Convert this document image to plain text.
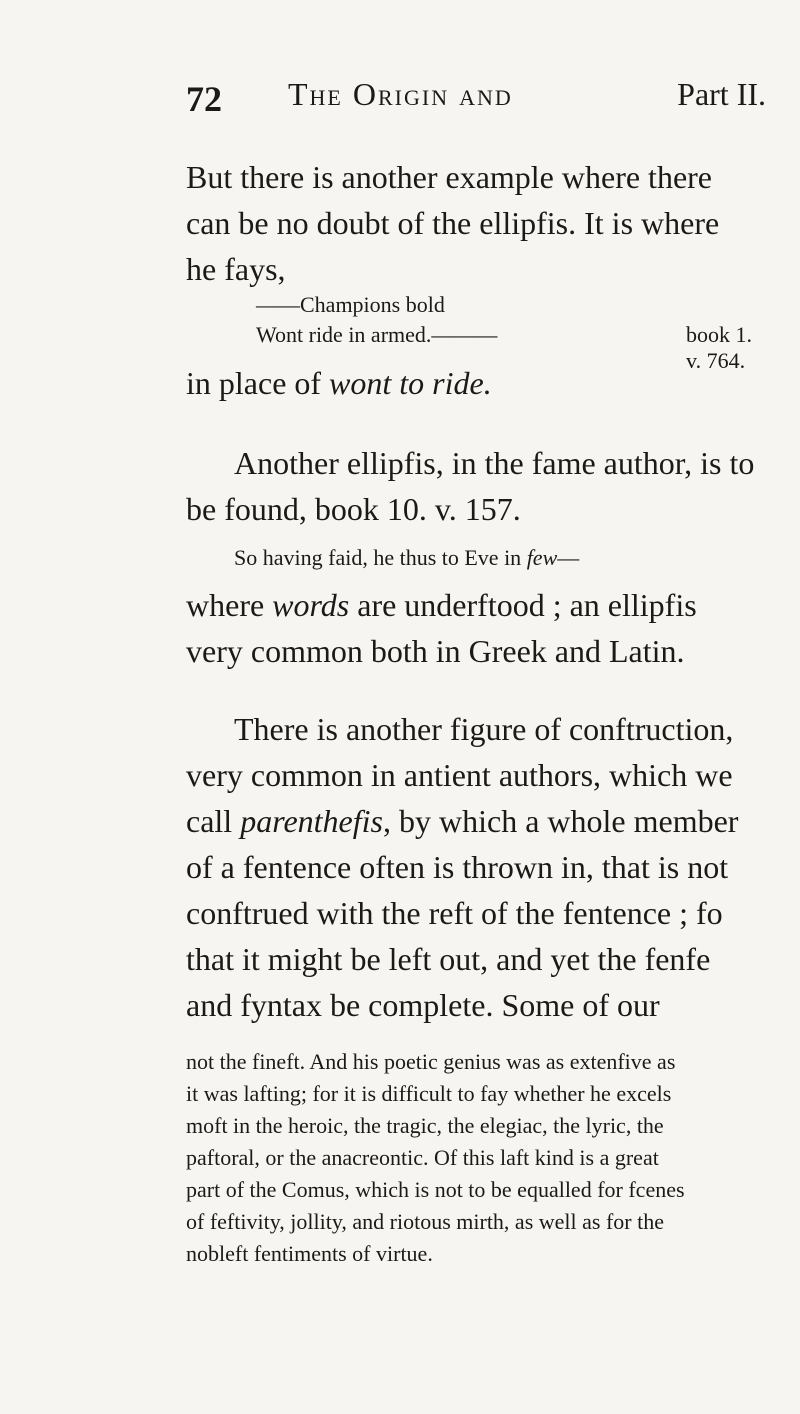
72 The Origin and	Part II.

But there is another example where there

can be no doubt of the ellipfis. It is where

he fays,

——Champions bold
Wont ride in armed.———	book 1. v. 764.

in place of wont to ride.

Another ellipfis, in the fame author, is to

be found, book 10. v. 157.

So having faid, he thus to Eve in few—

where words are underftood ; an ellipfis

very common both in Greek and Latin.

There is another figure of conftruction,

very common in antient authors, which we

call parenthefis, by which a whole member

of a fentence often is thrown in, that is not

conftrued with the reft of the fentence ; fo

that it might be left out, and yet the fenfe

and fyntax be complete. Some of our

not the fineft. And his poetic genius was as extenfive as

it was lafting; for it is difficult to fay whether he excels

moft in the heroic, the tragic, the elegiac, the lyric, the

paftoral, or the anacreontic. Of this laft kind is a great

part of the Comus, which is not to be equalled for fcenes

of feftivity, jollity, and riotous mirth, as well as for the

nobleft fentiments of virtue.
